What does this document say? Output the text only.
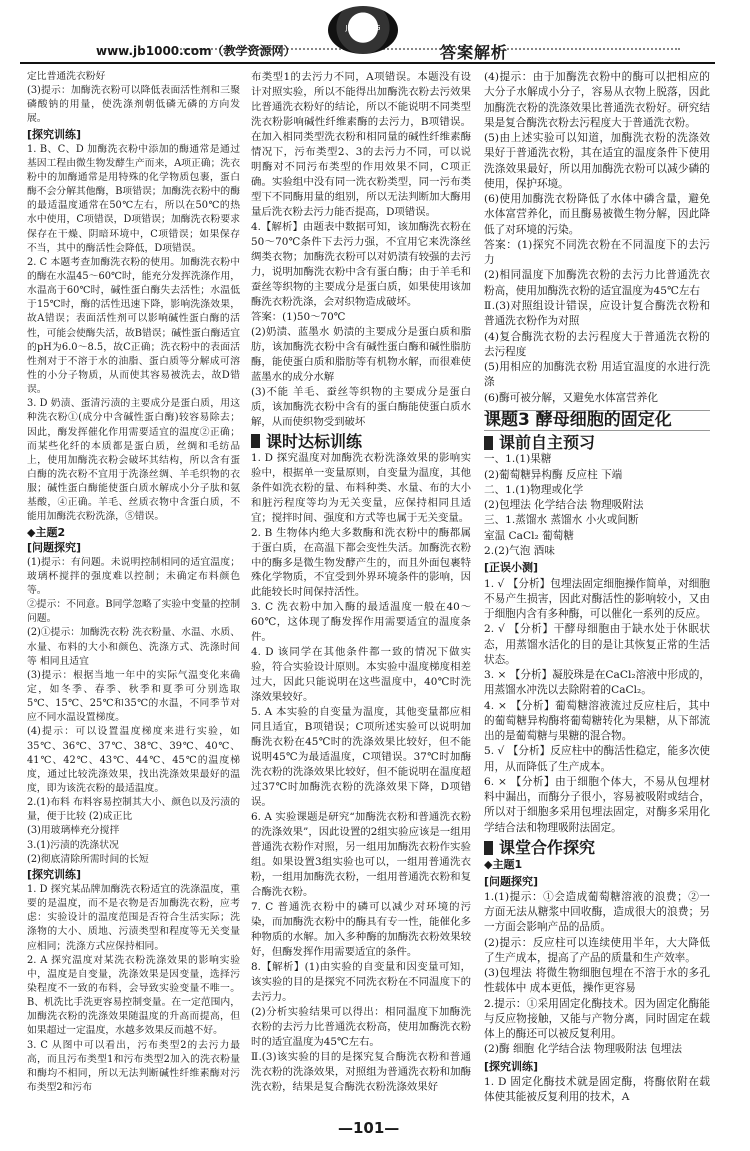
www.jb1000.com（教学资源网）
JINGBANG
答案解析

定比普通洗衣粉好

(3)提示：加酶洗衣粉可以降低表面活性剂和三聚磷酸钠的用量，使洗涤剂朝低磷无磷的方向发展。

[探究训练]

1. B、C、D 加酶洗衣粉中添加的酶通常是通过基因工程由微生物发酵生产而来，A项正确；洗衣粉中的加酶通常是用特殊的化学物质包裹，蛋白酶不会分解其他酶，B项错误；加酶洗衣粉中的酶的最适温度通常在50℃左右，所以在50℃的热水中使用，C项错误，D项错误；加酶洗衣粉要求保存在干燥、阴暗环境中，C项错误；如果保存不当，其中的酶活性会降低，D项错误。

2. C 本题考查加酶洗衣粉的使用。加酶洗衣粉中的酶在水温45～60℃时，能充分发挥洗涤作用，水温高于60℃时，碱性蛋白酶失去活性；水温低于15℃时，酶的活性迅速下降，影响洗涤效果，故A错误；表面活性剂可以影响碱性蛋白酶的活性，可能会使酶失活，故B错误；碱性蛋白酶适宜的pH为6.0～8.5，故C正确；洗衣粉中的表面活性剂对于不溶于水的油脂、蛋白质等分解成可溶性的小分子物质，从而使其容易被洗去，故D错误。

3. D 奶渍、蛋清污渍的主要成分是蛋白质，用这种洗衣粉①(成分中含碱性蛋白酶)较容易除去；因此，酶发挥催化作用需要适宜的温度②正确；而某些化纤的本质都是蛋白质，丝绸和毛纺品上，使用加酶洗衣粉会破坏其结构，所以含有蛋白酶的洗衣粉不宜用于洗涤丝绸、羊毛织物的衣服；碱性蛋白酶能使蛋白质水解成小分子肽和氨基酸，④正确。羊毛、丝质衣物中含蛋白质，不能用加酶洗衣粉洗涤，⑤错误。

◆主题2

[问题探究]

(1)提示：有问题。未说明控制相同的适宜温度；玻璃杯搅拌的强度难以控制；未确定布料颜色等。

②提示：不同意。B同学忽略了实验中变量的控制问题。

(2)①提示：加酶洗衣粉 洗衣粉量、水温、水质、水量、布料的大小和颜色、洗涤方式、洗涤时间等 相同且适宜

(3)提示：根据当地一年中的实际气温变化来确定，如冬季、春季、秋季和夏季可分别选取5℃、15℃、25℃和35℃的水温，不同季节对应不同水温设置梯度。

(4)提示：可以设置温度梯度来进行实验，如35℃、36℃、37℃、38℃、39℃、40℃、41℃、42℃、43℃、44℃、45℃的温度梯度，通过比较洗涤效果，找出洗涤效果最好的温度，即为该洗衣粉的最适温度。

2.(1)布料 布料容易控制其大小、颜色以及污渍的量，便于比较 (2)成正比

(3)用玻璃棒充分搅拌

3.(1)污渍的洗涤状况

(2)彻底清除所需时间的长短

[探究训练]

1. D 探究某品牌加酶洗衣粉适宜的洗涤温度，重要的是温度，而不是衣物是否加酶洗衣粉，应考虑：实验设计的温度范围是否符合生活实际；洗涤物的大小、质地、污渍类型和程度等无关变量应相同；洗涤方式应保持相同。

2. A 探究温度对某洗衣粉洗涤效果的影响实验中，温度是自变量，洗涤效果是因变量，选择污染程度不一致的布料，会导致实验变量不唯一。B、机洗比手洗更容易控制变量。在一定范围内，加酶洗衣粉的洗涤效果随温度的升高而提高，但如果超过一定温度，水越多效果反而越不好。

3. C 从图中可以看出，污布类型2的去污力最高，而且污布类型1和污布类型2加入的洗衣粉量和酶均不相同，所以无法判断碱性纤维素酶对污布类型2和污布

布类型1的去污力不同，A项错误。本题没有设计对照实验，所以不能得出加酶洗衣粉去污效果比普通洗衣粉好的结论，所以不能说明不同类型洗衣粉影响碱性纤维素酶的去污力，B项错误。在加入相同类型洗衣粉和相同量的碱性纤维素酶情况下，污布类型2、3的去污力不同，可以说明酶对不同污布类型的作用效果不同，C项正确。实验组中没有同一洗衣粉类型，同一污布类型下不同酶用量的组别，所以无法判断加大酶用量后洗衣粉去污力能否提高，D项错误。

4.【解析】由题表中数据可知，该加酶洗衣粉在50～70℃条件下去污力强，不宜用它来洗涤丝绸类衣物；加酶洗衣粉可以对奶渍有较强的去污力，说明加酶洗衣粉中含有蛋白酶；由于羊毛和蚕丝等织物的主要成分是蛋白质，如果使用该加酶洗衣粉洗涤，会对织物造成破坏。

答案：(1)50～70℃

(2)奶渍、蓝墨水 奶渍的主要成分是蛋白质和脂肪，该加酶洗衣粉中含有碱性蛋白酶和碱性脂肪酶，能使蛋白质和脂肪等有机物水解，而很难使蓝墨水的成分水解

(3)不能 羊毛、蚕丝等织物的主要成分是蛋白质，该加酶洗衣粉中含有的蛋白酶能使蛋白质水解，从而使织物受到破坏

课时达标训练

1. D 探究温度对加酶洗衣粉洗涤效果的影响实验中，根据单一变量原则，自变量为温度，其他条件如洗衣粉的量、布料种类、水量、布的大小和脏污程度等均为无关变量，应保持相同且适宜；搅拌时间、强度和方式等也属于无关变量。

2. B 生物体内绝大多数酶和洗衣粉中的酶都属于蛋白质，在高温下都会变性失活。加酶洗衣粉中的酶多是微生物发酵产生的，而且外面包裹特殊化学物质，不宜受到外界环境条件的影响，因此能较长时间保持活性。

3. C 洗衣粉中加入酶的最适温度一般在40～60℃，这体现了酶发挥作用需要适宜的温度条件。

4. D 该同学在其他条件都一致的情况下做实验，符合实验设计原则。本实验中温度梯度相差过大，因此只能说明在这些温度中，40℃时洗涤效果较好。

5. A 本实验的自变量为温度，其他变量都应相同且适宜，B项错误；C项所述实验可以说明加酶洗衣粉在45℃时的洗涤效果比较好，但不能说明45℃为最适温度，C项错误。37℃时加酶洗衣粉的洗涤效果比较好，但不能说明在温度超过37℃时加酶洗衣粉的洗涤效果下降，D项错误。

6. A 实验课题是研究“加酶洗衣粉和普通洗衣粉的洗涤效果”，因此设置的2组实验应该是一组用普通洗衣粉作对照，另一组用加酶洗衣粉作实验组。如果设置3组实验也可以，一组用普通洗衣粉，一组用加酶洗衣粉，一组用普通洗衣粉和复合酶洗衣粉。

7. C 普通洗衣粉中的磷可以减少对环境的污染，而加酶洗衣粉中的酶具有专一性，能催化多种物质的水解。加入多种酶的加酶洗衣粉效果较好，但酶发挥作用需要适宜的条件。

8.【解析】(1)由实验的自变量和因变量可知，该实验的目的是探究不同洗衣粉在不同温度下的去污力。

(2)分析实验结果可以得出：相同温度下加酶洗衣粉的去污力比普通洗衣粉高，使用加酶洗衣粉时的适宜温度为45℃左右。

Ⅱ.(3)该实验的目的是探究复合酶洗衣粉和普通洗衣粉的洗涤效果，对照组为普通洗衣粉和加酶洗衣粉，结果是复合酶洗衣粉洗涤效果好

(4)提示：由于加酶洗衣粉中的酶可以把相应的大分子水解成小分子，容易从衣物上脱落，因此加酶洗衣粉的洗涤效果比普通洗衣粉好。研究结果是复合酶洗衣粉去污程度大于普通洗衣粉。

(5)由上述实验可以知道，加酶洗衣粉的洗涤效果好于普通洗衣粉，其在适宜的温度条件下使用洗涤效果最好，所以用加酶洗衣粉可以减少磷的使用，保护环境。

(6)使用加酶洗衣粉降低了水体中磷含量，避免水体富营养化，而且酶易被微生物分解，因此降低了对环境的污染。

答案：(1)探究不同洗衣粉在不同温度下的去污力

(2)相同温度下加酶洗衣粉的去污力比普通洗衣粉高，使用加酶洗衣粉的适宜温度为45℃左右

Ⅱ.(3)对照组设计错误，应设计复合酶洗衣粉和普通洗衣粉作为对照

(4)复合酶洗衣粉的去污程度大于普通洗衣粉的去污程度

(5)用相应的加酶洗衣粉 用适宜温度的水进行洗涤

(6)酶可被分解，又避免水体富营养化

课题3 酵母细胞的固定化

课前自主预习

一、1.(1)果糖

(2)葡萄糖异构酶 反应柱 下端

二、1.(1)物理或化学

(2)包埋法 化学结合法 物理吸附法

三、1.蒸馏水 蒸馏水 小火或间断

室温 CaCl₂ 葡萄糖

2.(2)气泡 酒味

[正误小测]

1. √ 【分析】包埋法固定细胞操作简单，对细胞不易产生损害，因此对酶活性的影响较小，又由于细胞内含有多种酶，可以催化一系列的反应。

2. √ 【分析】干酵母细胞由于缺水处于休眠状态，用蒸馏水活化的目的是让其恢复正常的生活状态。

3. × 【分析】凝胶珠是在CaCl₂溶液中形成的，用蒸馏水冲洗以去除附着的CaCl₂。

4. × 【分析】葡萄糖溶液流过反应柱后，其中的葡萄糖异构酶将葡萄糖转化为果糖，从下部流出的是葡萄糖与果糖的混合物。

5. √ 【分析】反应柱中的酶活性稳定，能多次使用，从而降低了生产成本。

6. × 【分析】由于细胞个体大，不易从包埋材料中漏出，而酶分子很小，容易被吸附或结合，所以对于细胞多采用包埋法固定，对酶多采用化学结合法和物理吸附法固定。

课堂合作探究

◆主题1

[问题探究]

1.(1)提示：①会造成葡萄糖溶液的浪费；②一方面无法从糖浆中回收酶，造成很大的浪费；另一方面会影响产品的品质。

(2)提示：反应柱可以连续使用半年，大大降低了生产成本，提高了产品的质量和生产效率。

(3)包埋法 将微生物细胞包埋在不溶于水的多孔性载体中 成本更低，操作更容易

2.提示：①采用固定化酶技术。因为固定化酶能与反应物接触，又能与产物分离，同时固定在载体上的酶还可以被反复利用。

(2)酶 细胞 化学结合法 物理吸附法 包埋法

[探究训练]

1. D 固定化酶技术就是固定酶，将酶依附在载体使其能被反复利用的技术，A

—101—
